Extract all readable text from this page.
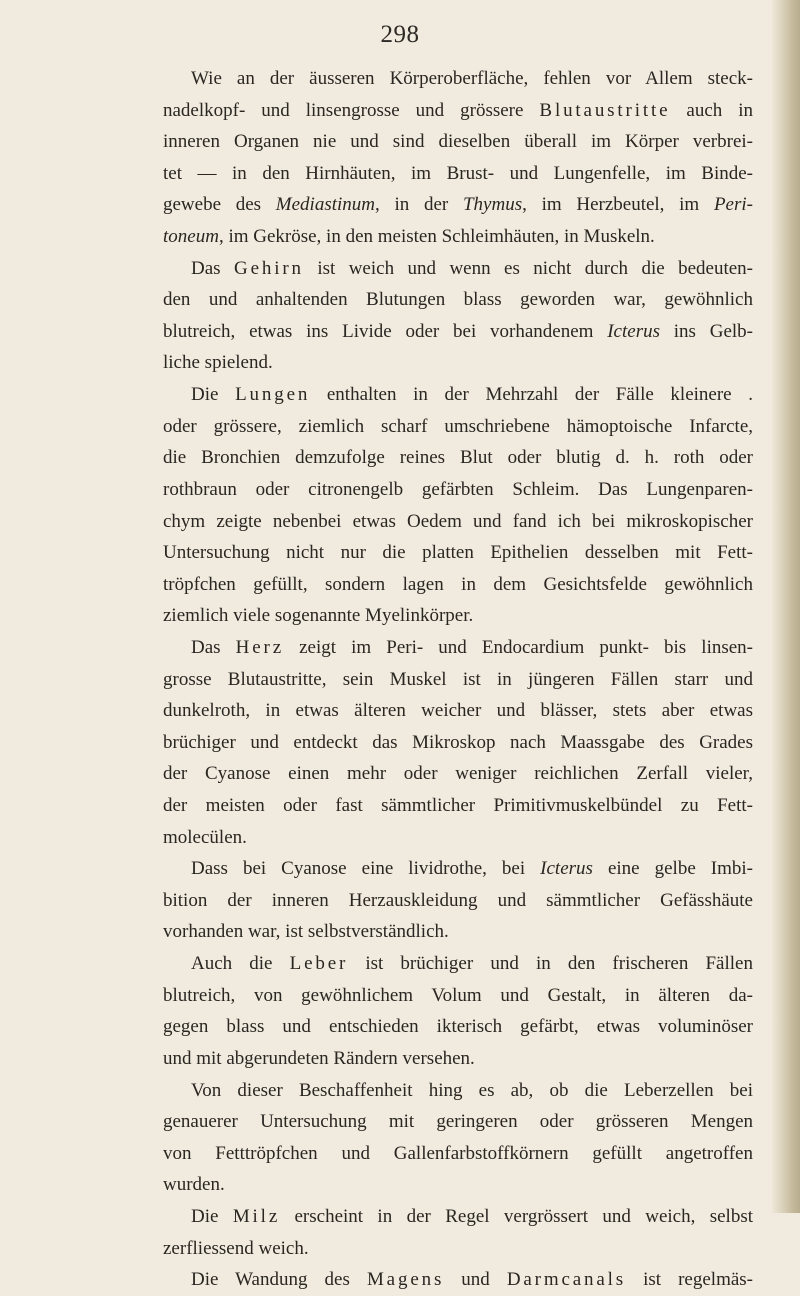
298
Wie an der äusseren Körperoberfläche, fehlen vor Allem steck-
nadelkopf- und linsengrosse und grössere Blutaustritte auch in
inneren Organen nie und sind dieselben überall im Körper verbrei-
tet — in den Hirnhäuten, im Brust- und Lungenfelle, im Binde-
gewebe des Mediastinum, in der Thymus, im Herzbeutel, im Peri-
toneum, im Gekröse, in den meisten Schleimhäuten, in Muskeln.
Das Gehirn ist weich und wenn es nicht durch die bedeuten-
den und anhaltenden Blutungen blass geworden war, gewöhnlich
blutreich, etwas ins Livide oder bei vorhandenem Icterus ins Gelb-
liche spielend.
Die Lungen enthalten in der Mehrzahl der Fälle kleinere .
oder grössere, ziemlich scharf umschriebene hämoptoische Infarcte,
die Bronchien demzufolge reines Blut oder blutig d. h. roth oder
rothbraun oder citronengelb gefärbten Schleim. Das Lungenparen-
chym zeigte nebenbei etwas Oedem und fand ich bei mikroskopischer
Untersuchung nicht nur die platten Epithelien desselben mit Fett-
tröpfchen gefüllt, sondern lagen in dem Gesichtsfelde gewöhnlich
ziemlich viele sogenannte Myelinkörper.
Das Herz zeigt im Peri- und Endocardium punkt- bis linsen-
grosse Blutaustritte, sein Muskel ist in jüngeren Fällen starr und
dunkelroth, in etwas älteren weicher und blässer, stets aber etwas
brüchiger und entdeckt das Mikroskop nach Maassgabe des Grades
der Cyanose einen mehr oder weniger reichlichen Zerfall vieler,
der meisten oder fast sämmtlicher Primitivmuskelbündel zu Fett-
molecülen.
Dass bei Cyanose eine lividrothe, bei Icterus eine gelbe Imbi-
bition der inneren Herzauskleidung und sämmtlicher Gefässhäute
vorhanden war, ist selbstverständlich.
Auch die Leber ist brüchiger und in den frischeren Fällen
blutreich, von gewöhnlichem Volum und Gestalt, in älteren da-
gegen blass und entschieden ikterisch gefärbt, etwas voluminöser
und mit abgerundeten Rändern versehen.
Von dieser Beschaffenheit hing es ab, ob die Leberzellen bei
genauerer Untersuchung mit geringeren oder grösseren Mengen
von Fetttröpfchen und Gallenfarbstoffkörnern gefüllt angetroffen
wurden.
Die Milz erscheint in der Regel vergrössert und weich, selbst
zerfliessend weich.
Die Wandung des Magens und Darmcanals ist regelmäs-
